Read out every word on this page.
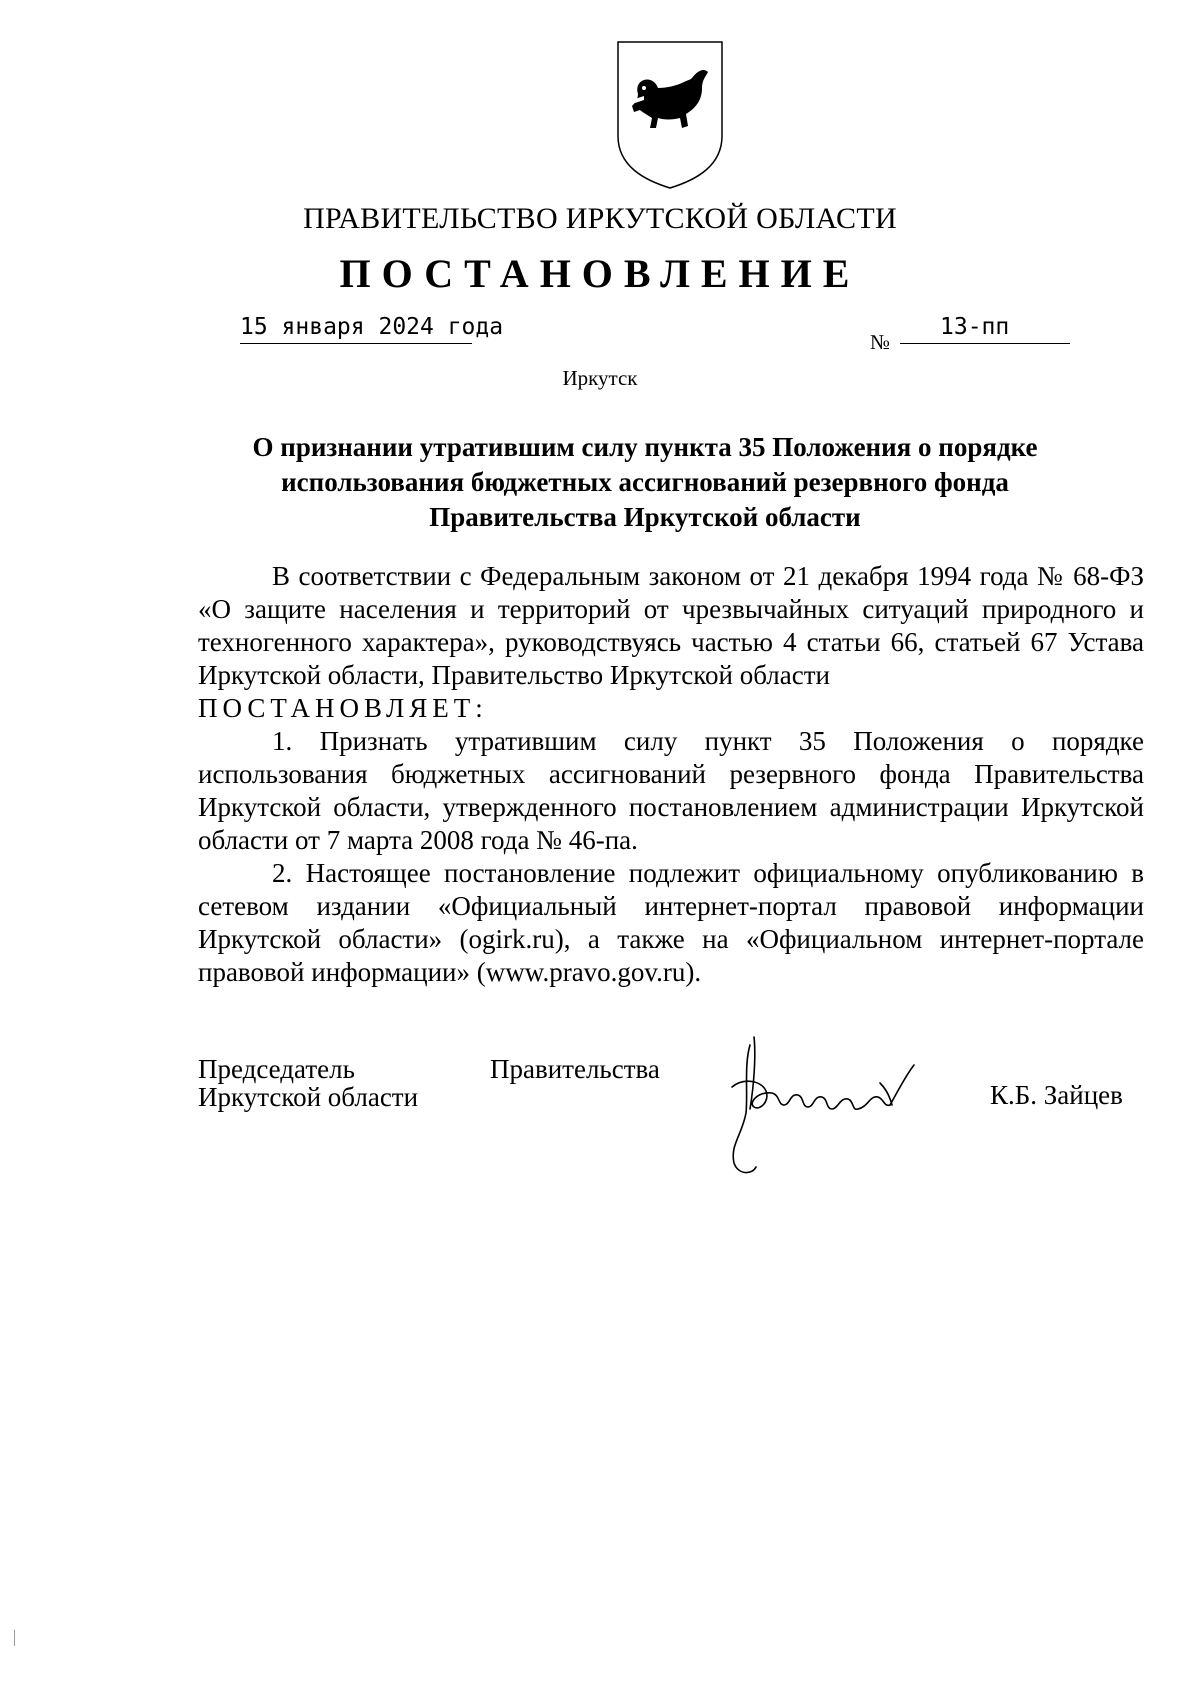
ПРАВИТЕЛЬСТВО ИРКУТСКОЙ ОБЛАСТИ
ПОСТАНОВЛЕНИЕ
15 января 2024 года
№
13-пп
Иркутск
О признании утратившим силу пункта 35 Положения о порядке использования бюджетных ассигнований резервного фонда Правительства Иркутской области

В соответствии с Федеральным законом от 21 декабря 1994 года № 68-ФЗ «О защите населения и территорий от чрезвычайных ситуаций природного и техногенного характера», руководствуясь частью 4 статьи 66, статьей 67 Устава Иркутской области, Правительство Иркутской области

ПОСТАНОВЛЯЕТ:

1. Признать утратившим силу пункт 35 Положения о порядке использования бюджетных ассигнований резервного фонда Правительства Иркутской области, утвержденного постановлением администрации Иркутской области от 7 марта 2008 года № 46-па.

2. Настоящее постановление подлежит официальному опубликованию в сетевом издании «Официальный интернет-портал правовой информации Иркутской области» (ogirk.ru), а также на «Официальном интернет-портале правовой информации» (www.pravo.gov.ru).

Председатель
Иркутской области
Правительства
К.Б. Зайцев
